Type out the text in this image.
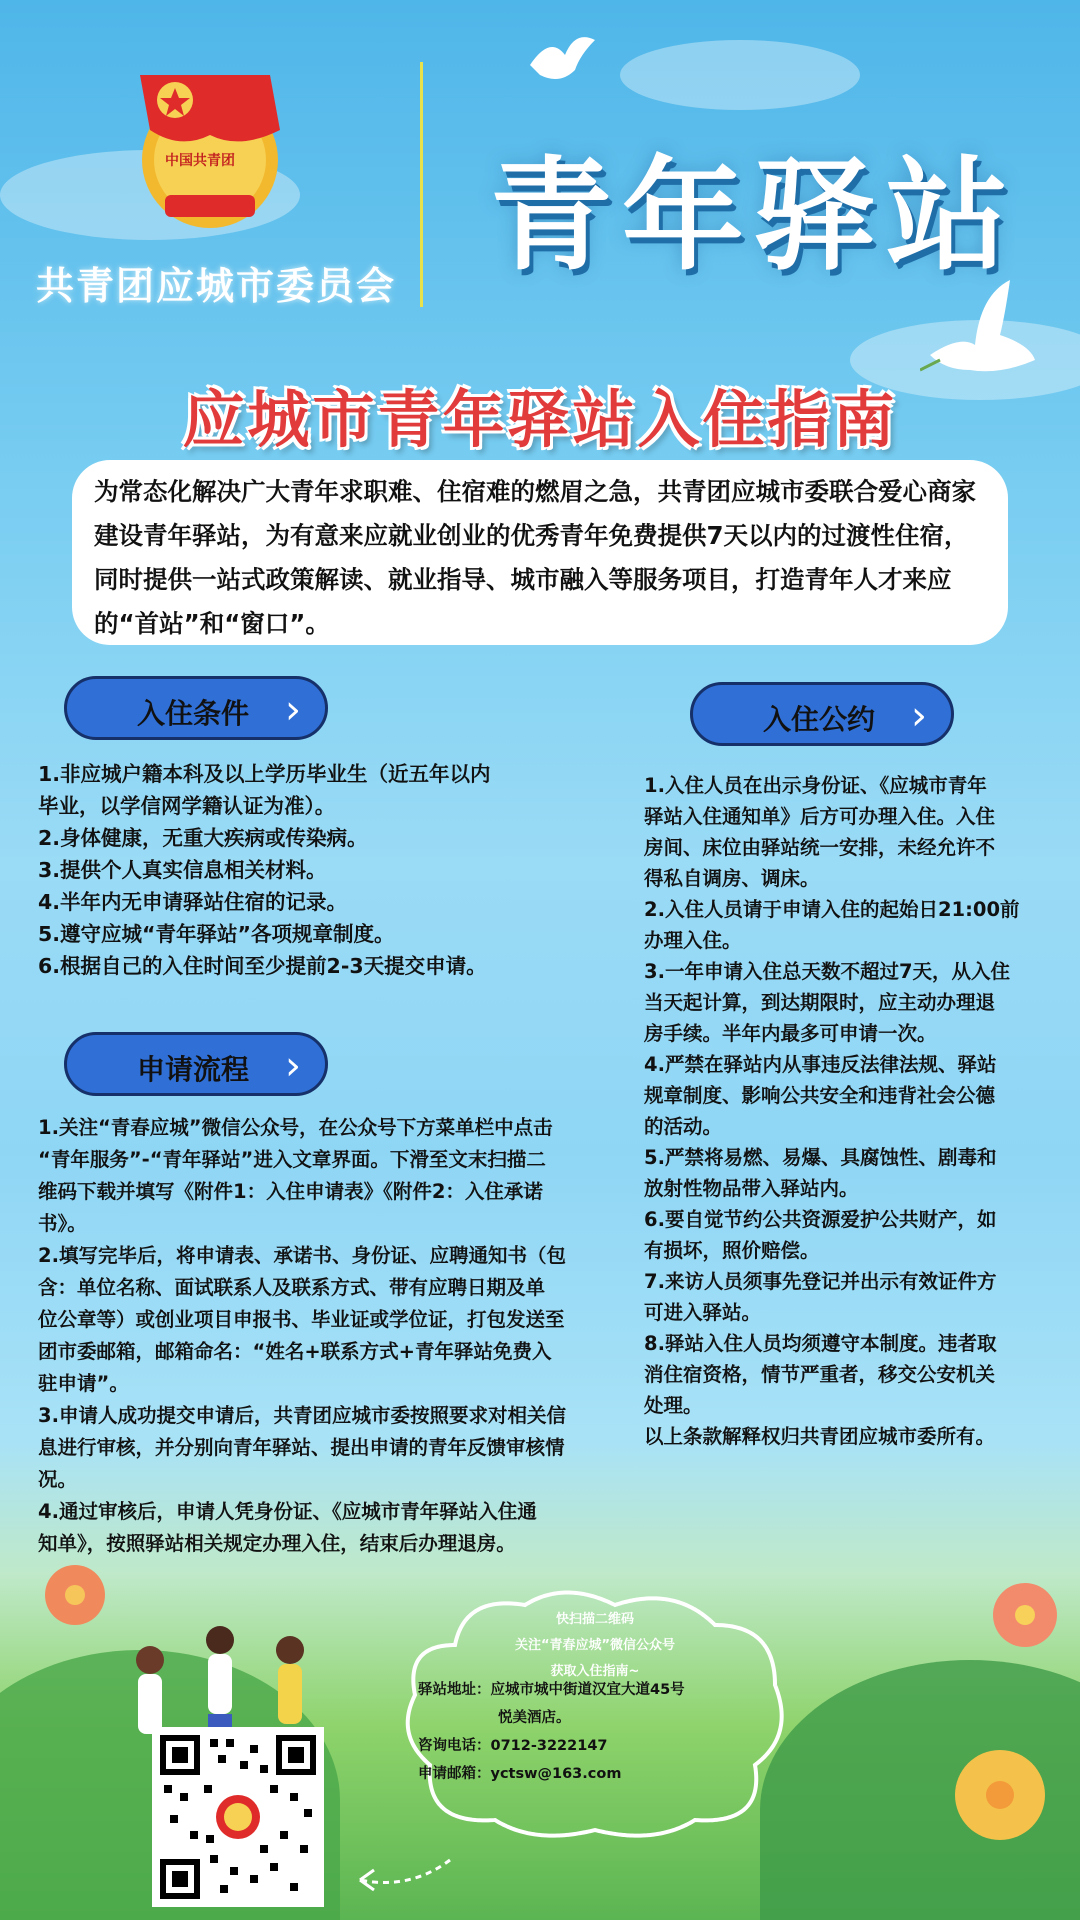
中国共青团 青年驿站
共青团应城市委员会
应城市青年驿站入住指南
为常态化解决广大青年求职难、住宿难的燃眉之急，共青团应城市委联合爱心商家
建设青年驿站，为有意来应就业创业的优秀青年免费提供7天以内的过渡性住宿，
同时提供一站式政策解读、就业指导、城市融入等服务项目，打造青年人才来应
的“首站”和“窗口”。
入住条件 ›

1.非应城户籍本科及以上学历毕业生（近五年以内

毕业，以学信网学籍认证为准）。

2.身体健康，无重大疾病或传染病。

3.提供个人真实信息相关材料。

4.半年内无申请驿站住宿的记录。

5.遵守应城“青年驿站”各项规章制度。

6.根据自己的入住时间至少提前2-3天提交申请。

入住公约 ›

1.入住人员在出示身份证、《应城市青年

驿站入住通知单》后方可办理入住。入住

房间、床位由驿站统一安排，未经允许不

得私自调房、调床。

2.入住人员请于申请入住的起始日21:00前

办理入住。

3.一年申请入住总天数不超过7天，从入住

当天起计算，到达期限时，应主动办理退

房手续。半年内最多可申请一次。

4.严禁在驿站内从事违反法律法规、驿站

规章制度、影响公共安全和违背社会公德

的活动。

5.严禁将易燃、易爆、具腐蚀性、剧毒和

放射性物品带入驿站内。

6.要自觉节约公共资源爱护公共财产，如

有损坏，照价赔偿。

7.来访人员须事先登记并出示有效证件方

可进入驿站。

8.驿站入住人员均须遵守本制度。违者取

消住宿资格，情节严重者，移交公安机关

处理。

以上条款解释权归共青团应城市委所有。

申请流程 ›

1.关注“青春应城”微信公众号，在公众号下方菜单栏中点击

“青年服务”-“青年驿站”进入文章界面。下滑至文末扫描二

维码下载并填写《附件1：入住申请表》《附件2：入住承诺

书》。

2.填写完毕后，将申请表、承诺书、身份证、应聘通知书（包

含：单位名称、面试联系人及联系方式、带有应聘日期及单

位公章等）或创业项目申报书、毕业证或学位证，打包发送至

团市委邮箱，邮箱命名：“姓名+联系方式+青年驿站免费入

驻申请”。

3.申请人成功提交申请后，共青团应城市委按照要求对相关信

息进行审核，并分别向青年驿站、提出申请的青年反馈审核情

况。

4.通过审核后，申请人凭身份证、《应城市青年驿站入住通

知单》，按照驿站相关规定办理入住，结束后办理退房。

快扫描二维码
关注“青春应城”微信公众号
获取入住指南~

驿站地址：应城市城中街道汉宜大道45号

悦美酒店。

咨询电话：0712-3222147

申请邮箱：yctsw@163.com
